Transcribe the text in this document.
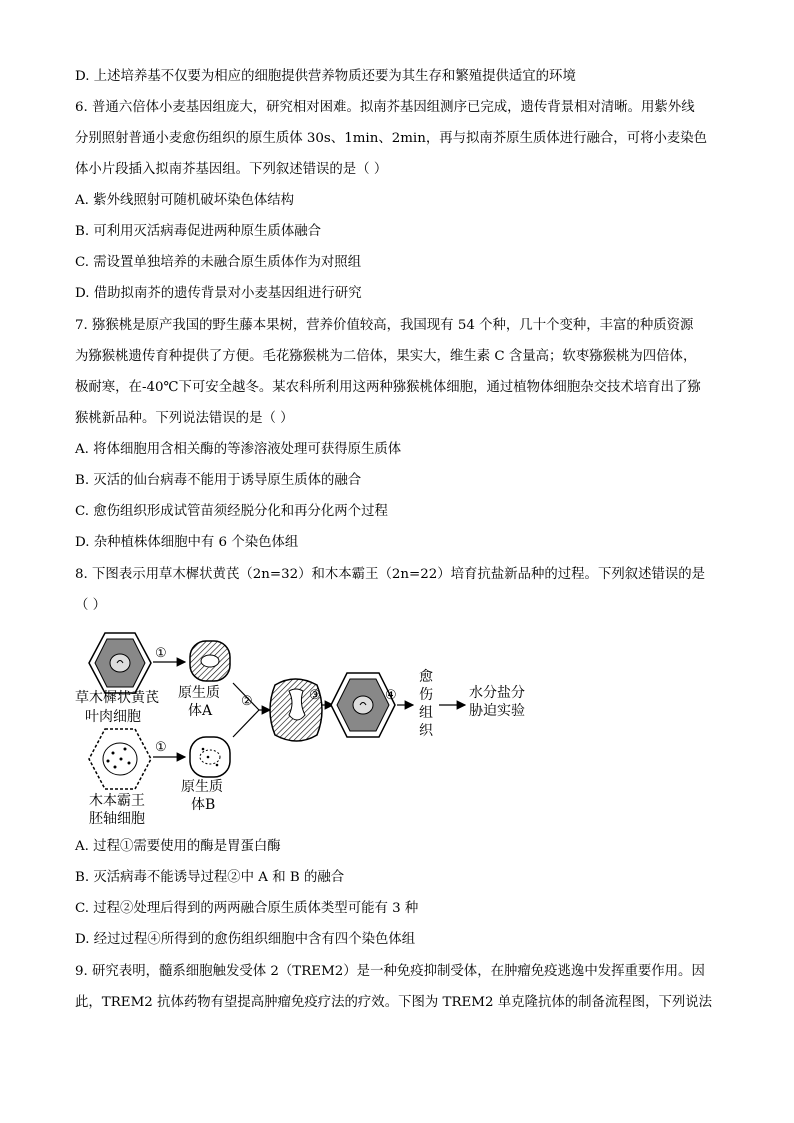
D. 上述培养基不仅要为相应的细胞提供营养物质还要为其生存和繁殖提供适宜的环境
6. 普通六倍体小麦基因组庞大，研究相对困难。拟南芥基因组测序已完成，遗传背景相对清晰。用紫外线
分别照射普通小麦愈伤组织的原生质体 30s、1min、2min，再与拟南芥原生质体进行融合，可将小麦染色
体小片段插入拟南芥基因组。下列叙述错误的是（ ）
A. 紫外线照射可随机破坏染色体结构
B. 可利用灭活病毒促进两种原生质体融合
C. 需设置单独培养的未融合原生质体作为对照组
D. 借助拟南芥的遗传背景对小麦基因组进行研究
7. 猕猴桃是原产我国的野生藤本果树，营养价值较高，我国现有 54 个种，几十个变种，丰富的种质资源
为猕猴桃遗传育种提供了方便。毛花猕猴桃为二倍体，果实大，维生素 C 含量高；软枣猕猴桃为四倍体，
极耐寒，在-40℃下可安全越冬。某农科所利用这两种猕猴桃体细胞，通过植物体细胞杂交技术培育出了猕
猴桃新品种。下列说法错误的是（ ）
A. 将体细胞用含相关酶的等渗溶液处理可获得原生质体
B. 灭活的仙台病毒不能用于诱导原生质体的融合
C. 愈伤组织形成试管苗须经脱分化和再分化两个过程
D. 杂种植株体细胞中有 6 个染色体组
8. 下图表示用草木樨状黄芪（2n=32）和木本霸王（2n=22）培育抗盐新品种的过程。下列叙述错误的是
（ ）
草木樨状黄芪
叶肉细胞
①
原生质
体A
木本霸王
胚轴细胞
①
原生质
体B
②	③	④
愈
伤
组
织
水分盐分
胁迫实验
A. 过程①需要使用的酶是胃蛋白酶
B. 灭活病毒不能诱导过程②中 A 和 B 的融合
C. 过程②处理后得到的两两融合原生质体类型可能有 3 种
D. 经过过程④所得到的愈伤组织细胞中含有四个染色体组
9. 研究表明，髓系细胞触发受体 2（TREM2）是一种免疫抑制受体，在肿瘤免疫逃逸中发挥重要作用。因
此，TREM2 抗体药物有望提高肿瘤免疫疗法的疗效。下图为 TREM2 单克隆抗体的制备流程图，下列说法
